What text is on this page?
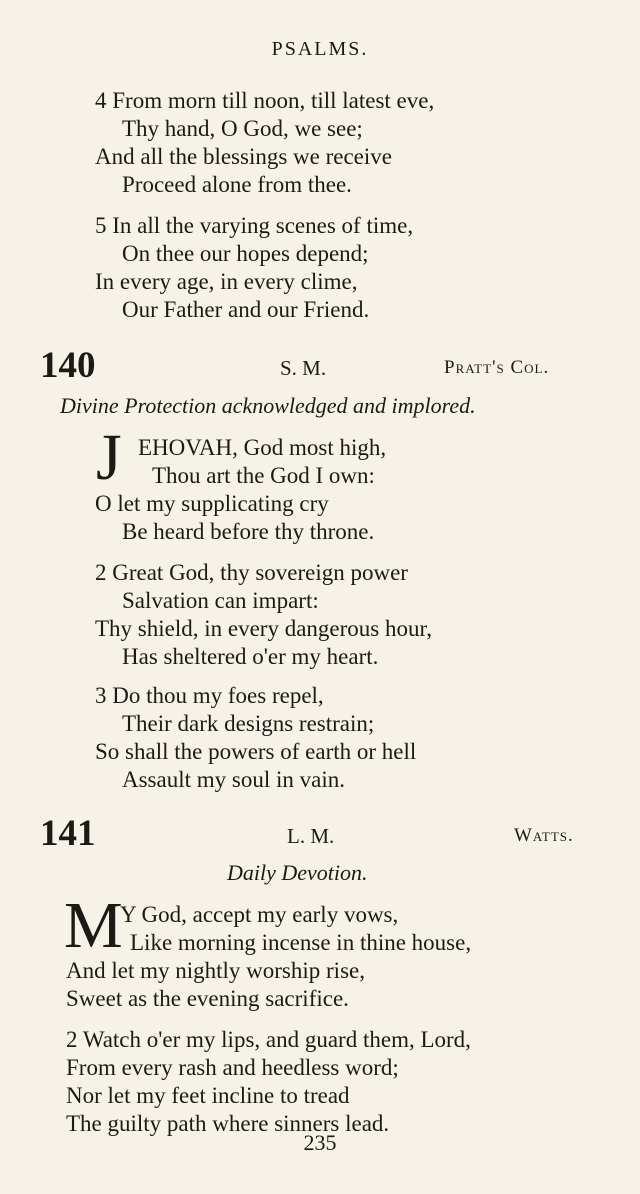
PSALMS.
4 From morn till noon, till latest eve,
Thy hand, O God, we see;
And all the blessings we receive
Proceed alone from thee.
5 In all the varying scenes of time,
On thee our hopes depend;
In every age, in every clime,
Our Father and our Friend.
140	S. M.	Pratt's Col.
Divine Protection acknowledged and implored.
J EHOVAH, God most high,
Thou art the God I own:
O let my supplicating cry
Be heard before thy throne.
2 Great God, thy sovereign power
Salvation can impart:
Thy shield, in every dangerous hour,
Has sheltered o'er my heart.
3 Do thou my foes repel,
Their dark designs restrain;
So shall the powers of earth or hell
Assault my soul in vain.
141	L. M.	Watts.
Daily Devotion.
M
Y God, accept my early vows,
Like morning incense in thine house,
And let my nightly worship rise,
Sweet as the evening sacrifice.
2 Watch o'er my lips, and guard them, Lord,
From every rash and heedless word;
Nor let my feet incline to tread
The guilty path where sinners lead.
235
